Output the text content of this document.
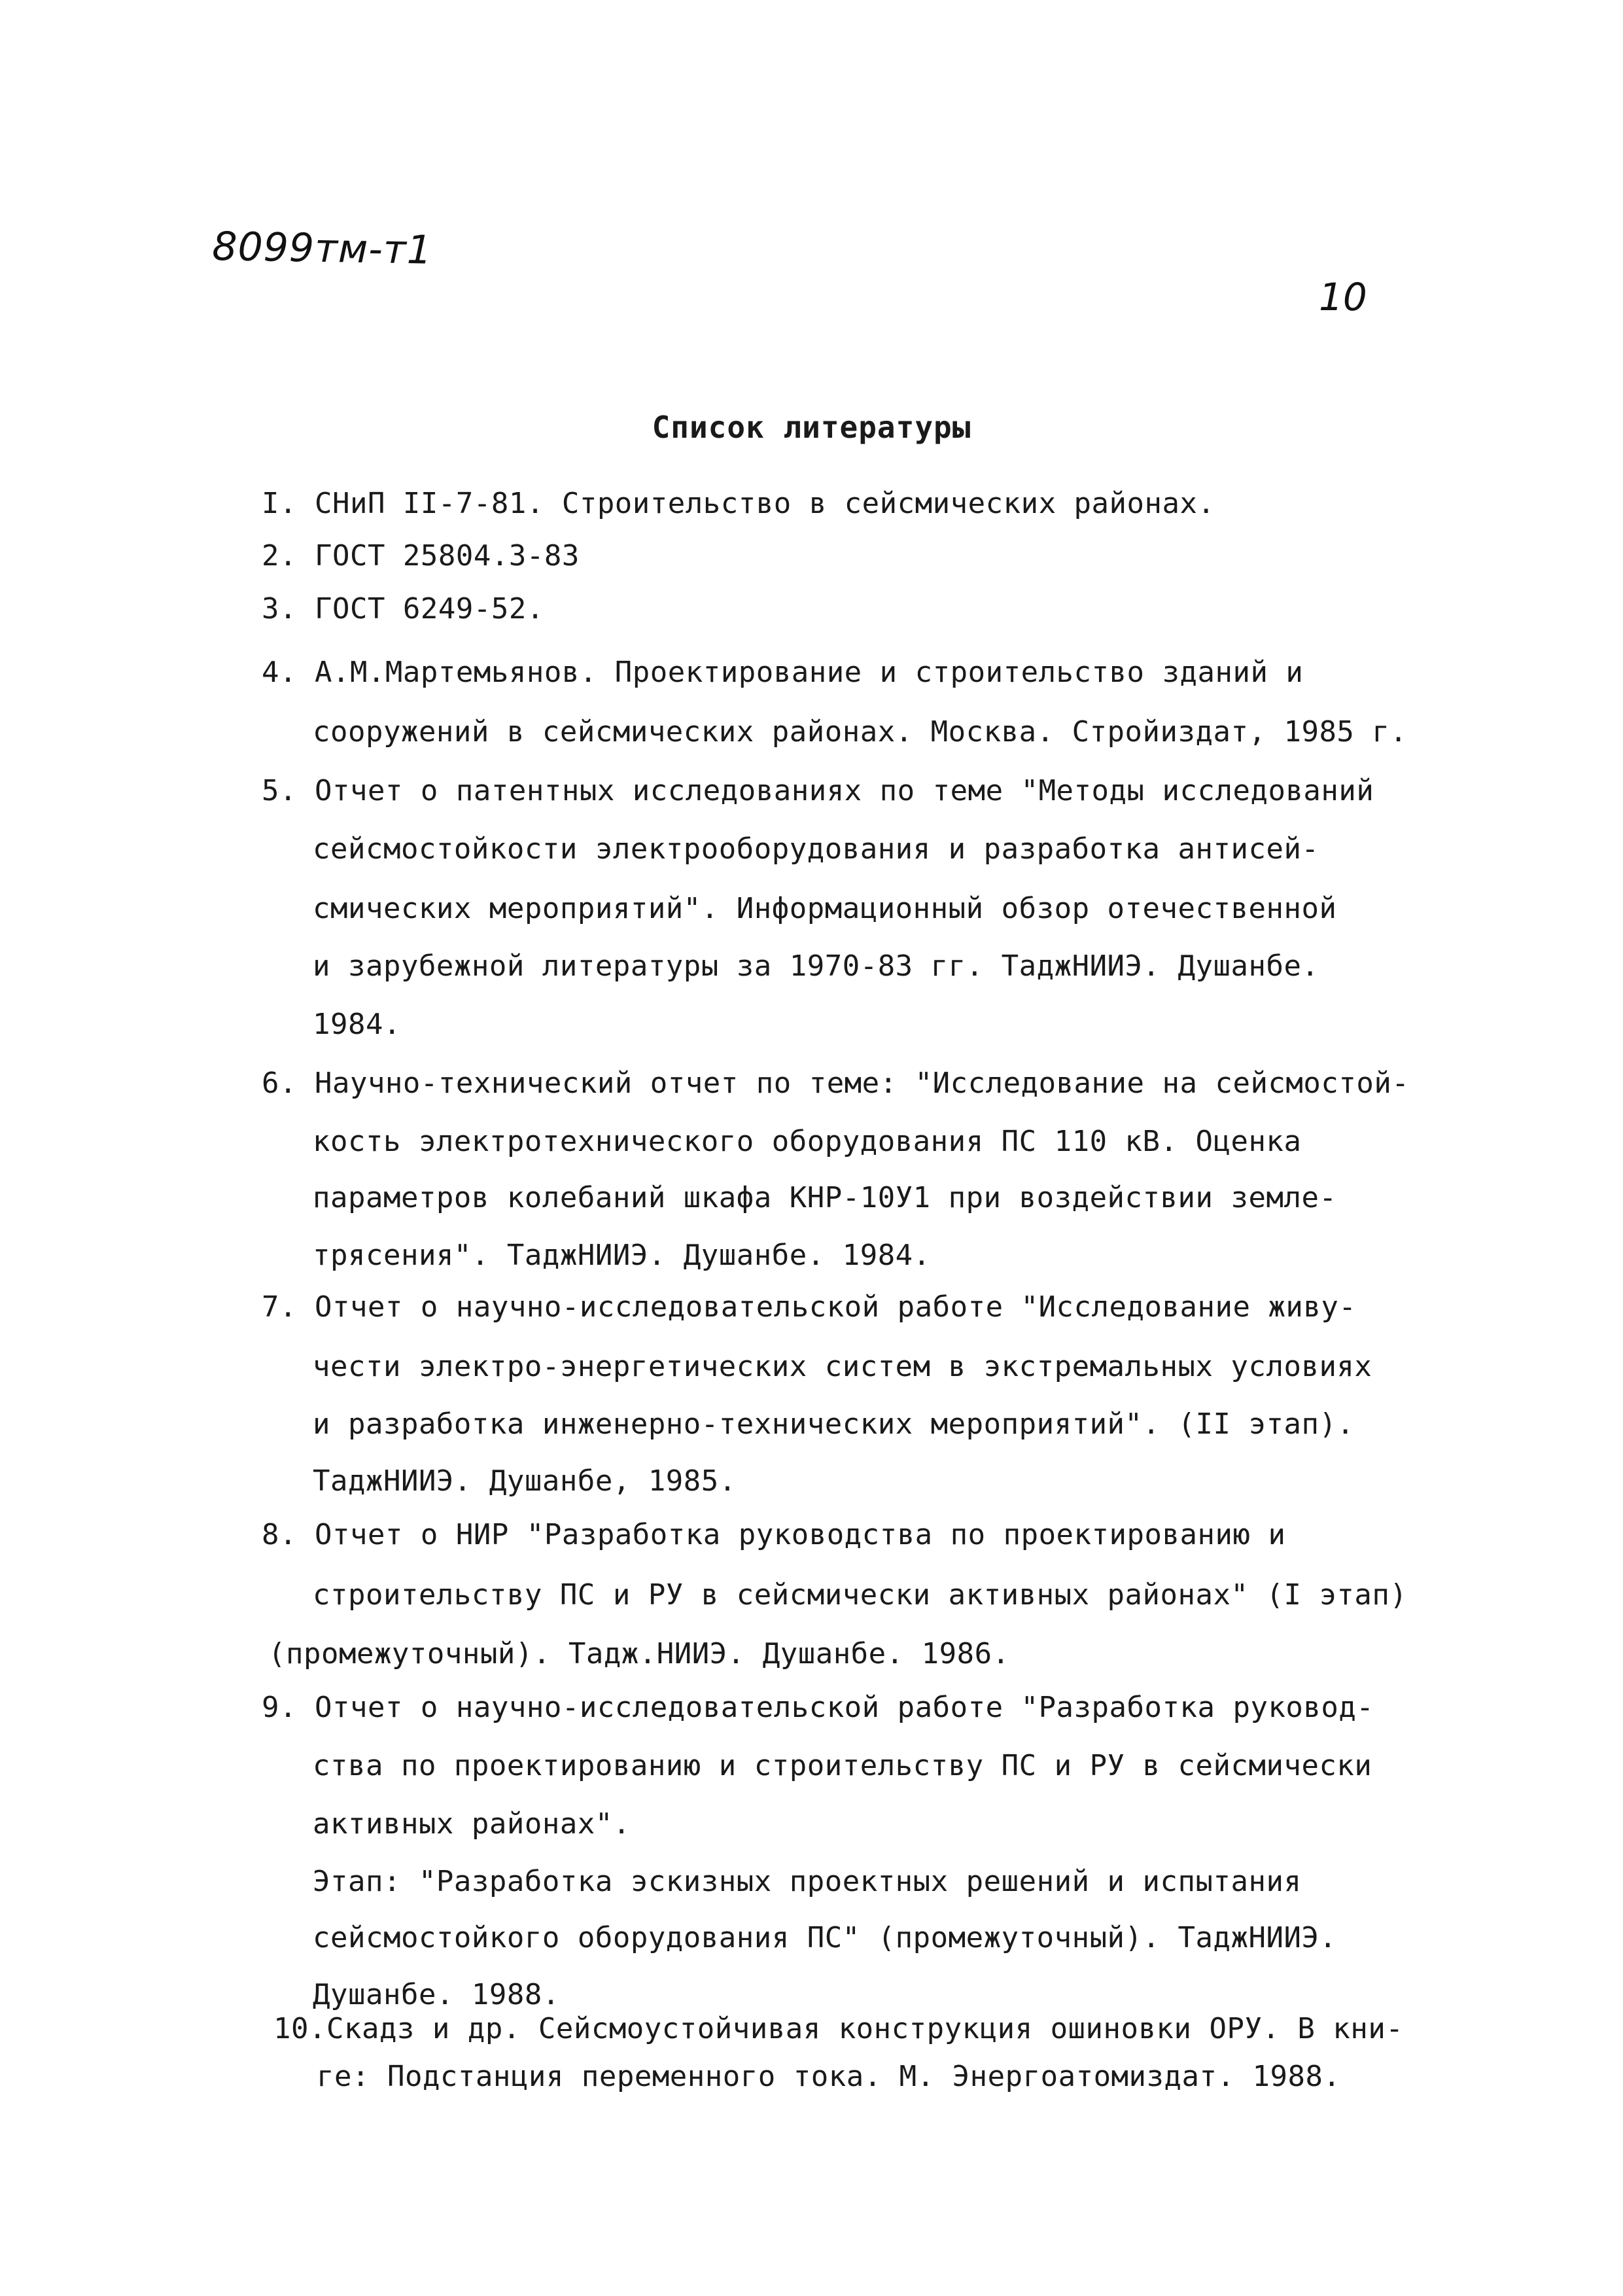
8099тм-т1
10
Список литературы
I. СНиП II-7-81. Строительство в сейсмических районах.
2. ГОСТ 25804.3-83
3. ГОСТ 6249-52.
4. А.М.Мартемьянов. Проектирование и строительство зданий и
сооружений в сейсмических районах. Москва. Стройиздат, 1985 г.
5. Отчет о патентных исследованиях по теме "Методы исследований
сейсмостойкости электрооборудования и разработка антисей-
смических мероприятий". Информационный обзор отечественной
и зарубежной литературы за 1970-83 гг. ТаджНИИЭ. Душанбе.
1984.
6. Научно-технический отчет по теме: "Исследование на сейсмостой-
кость электротехнического оборудования ПС 110 кВ. Оценка
параметров колебаний шкафа КНР-10У1 при воздействии земле-
трясения". ТаджНИИЭ. Душанбе. 1984.
7. Отчет о научно-исследовательской работе "Исследование живу-
чести электро-энергетических систем в экстремальных условиях
и разработка инженерно-технических мероприятий". (II этап).
ТаджНИИЭ. Душанбе, 1985.
8. Отчет о НИР "Разработка руководства по проектированию и
строительству ПС и РУ в сейсмически активных районах" (I этап)
(промежуточный). Тадж.НИИЭ. Душанбе. 1986.
9. Отчет о научно-исследовательской работе "Разработка руковод-
ства по проектированию и строительству ПС и РУ в сейсмически
активных районах".
Этап: "Разработка эскизных проектных решений и испытания
сейсмостойкого оборудования ПС" (промежуточный). ТаджНИИЭ.
Душанбе. 1988.
10.Скадз и др. Сейсмоустойчивая конструкция ошиновки ОРУ. В кни-
ге: Подстанция переменного тока. М. Энергоатомиздат. 1988.
